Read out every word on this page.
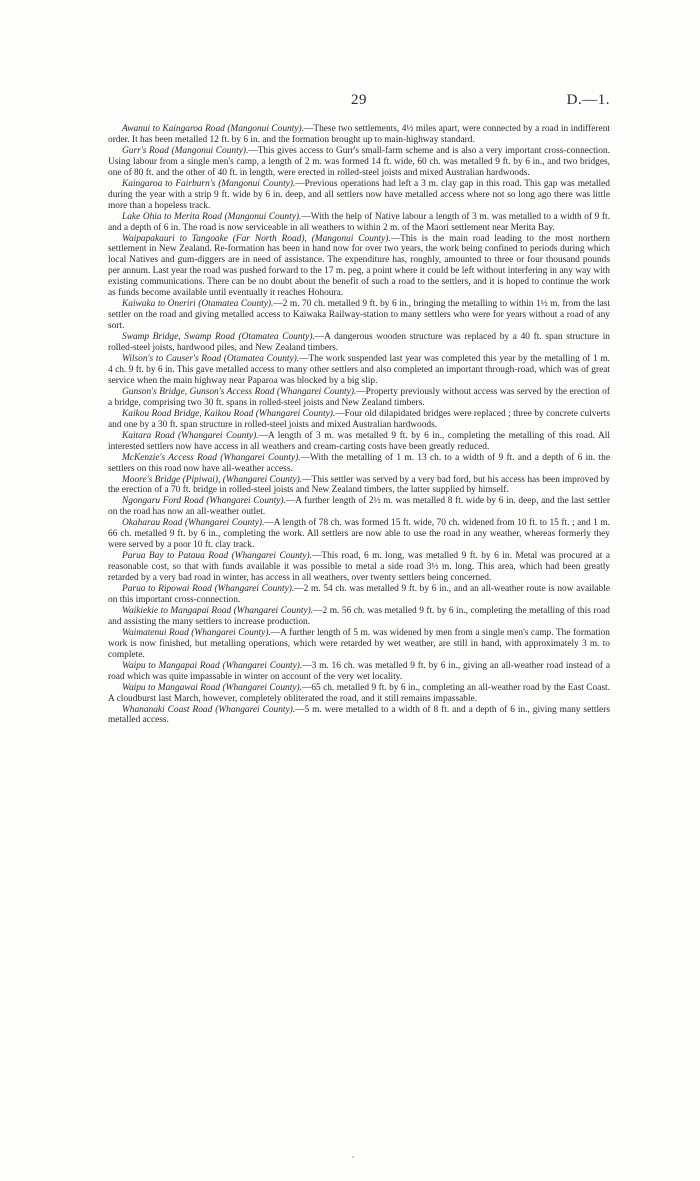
29	D.—1.

Awanui to Kaingaroa Road (Mangonui County).—These two settlements, 4½ miles apart, were connected by a road in indifferent order. It has been metalled 12 ft. by 6 in. and the formation brought up to main-highway standard.

Gurr's Road (Mangonui County).—This gives access to Gurr's small-farm scheme and is also a very important cross-connection. Using labour from a single men's camp, a length of 2 m. was formed 14 ft. wide, 60 ch. was metalled 9 ft. by 6 in., and two bridges, one of 80 ft. and the other of 40 ft. in length, were erected in rolled-steel joists and mixed Australian hardwoods.

Kaingaroa to Fairburn's (Mangonui County).—Previous operations had left a 3 m. clay gap in this road. This gap was metalled during the year with a strip 9 ft. wide by 6 in. deep, and all settlers now have metalled access where not so long ago there was little more than a hopeless track.

Lake Ohia to Merita Road (Mangonui County).—With the help of Native labour a length of 3 m. was metalled to a width of 9 ft. and a depth of 6 in. The road is now serviceable in all weathers to within 2 m. of the Maori settlement near Merita Bay.

Waipapakauri to Tangoake (Far North Road), (Mangonui County).—This is the main road leading to the most northern settlement in New Zealand. Re-formation has been in hand now for over two years, the work being confined to periods during which local Natives and gum-diggers are in need of assistance. The expenditure has, roughly, amounted to three or four thousand pounds per annum. Last year the road was pushed forward to the 17 m. peg, a point where it could be left without interfering in any way with existing communications. There can be no doubt about the benefit of such a road to the settlers, and it is hoped to continue the work as funds become available until eventually it reaches Hohoura.

Kaiwaka to Oneriri (Otamatea County).—2 m. 70 ch. metalled 9 ft. by 6 in., bringing the metalling to within 1½ m. from the last settler on the road and giving metalled access to Kaiwaka Railway-station to many settlers who were for years without a road of any sort.

Swamp Bridge, Swamp Road (Otamatea County).—A dangerous wooden structure was replaced by a 40 ft. span structure in rolled-steel joists, hardwood piles, and New Zealand timbers.

Wilson's to Causer's Road (Otamatea County).—The work suspended last year was completed this year by the metalling of 1 m. 4 ch. 9 ft. by 6 in. This gave metalled access to many other settlers and also completed an important through-road, which was of great service when the main highway near Paparoa was blocked by a big slip.

Gunson's Bridge, Gunson's Access Road (Whangarei County).—Property previously without access was served by the erection of a bridge, comprising two 30 ft. spans in rolled-steel joists and New Zealand timbers.

Kaikou Road Bridge, Kaikou Road (Whangarei County).—Four old dilapidated bridges were replaced ; three by concrete culverts and one by a 30 ft. span structure in rolled-steel joists and mixed Australian hardwoods.

Kaitara Road (Whangarei County).—A length of 3 m. was metalled 9 ft. by 6 in., completing the metalling of this road. All interested settlers now have access in all weathers and cream-carting costs have been greatly reduced.

McKenzie's Access Road (Whangarei County).—With the metalling of 1 m. 13 ch. to a width of 9 ft. and a depth of 6 in. the settlers on this road now have all-weather access.

Moore's Bridge (Pipiwai), (Whangarei County).—This settler was served by a very bad ford, but his access has been improved by the erection of a 70 ft. bridge in rolled-steel joists and New Zealand timbers, the latter supplied by himself.

Ngongaru Ford Road (Whangarei County).—A further length of 2½ m. was metalled 8 ft. wide by 6 in. deep, and the last settler on the road has now an all-weather outlet.

Okaharau Road (Whangarei County).—A length of 78 ch. was formed 15 ft. wide, 70 ch. widened from 10 ft. to 15 ft. ; and 1 m. 66 ch. metalled 9 ft. by 6 in., completing the work. All settlers are now able to use the road in any weather, whereas formerly they were served by a poor 10 ft. clay track.

Parua Bay to Pataua Road (Whangarei County).—This road, 6 m. long, was metalled 9 ft. by 6 in. Metal was procured at a reasonable cost, so that with funds available it was possible to metal a side road 3½ m. long. This area, which had been greatly retarded by a very bad road in winter, has access in all weathers, over twenty settlers being concerned.

Parua to Ripowai Road (Whangarei County).—2 m. 54 ch. was metalled 9 ft. by 6 in., and an all-weather route is now available on this important cross-connection.

Waikiekie to Mangapai Road (Whangarei County).—2 m. 56 ch. was metalled 9 ft. by 6 in., completing the metalling of this road and assisting the many settlers to increase production.

Waimatenui Road (Whangarei County).—A further length of 5 m. was widened by men from a single men's camp. The formation work is now finished, but metalling operations, which were retarded by wet weather, are still in hand, with approximately 3 m. to complete.

Waipu to Mangapai Road (Whangarei County).—3 m. 16 ch. was metalled 9 ft. by 6 in., giving an all-weather road instead of a road which was quite impassable in winter on account of the very wet locality.

Waipu to Mangawai Road (Whangarei County).—65 ch. metalled 9 ft. by 6 in., completing an all-weather road by the East Coast. A cloudburst last March, however, completely obliterated the road, and it still remains impassable.

Whananaki Coast Road (Whangarei County).—5 m. were metalled to a width of 8 ft. and a depth of 6 in., giving many settlers metalled access.
